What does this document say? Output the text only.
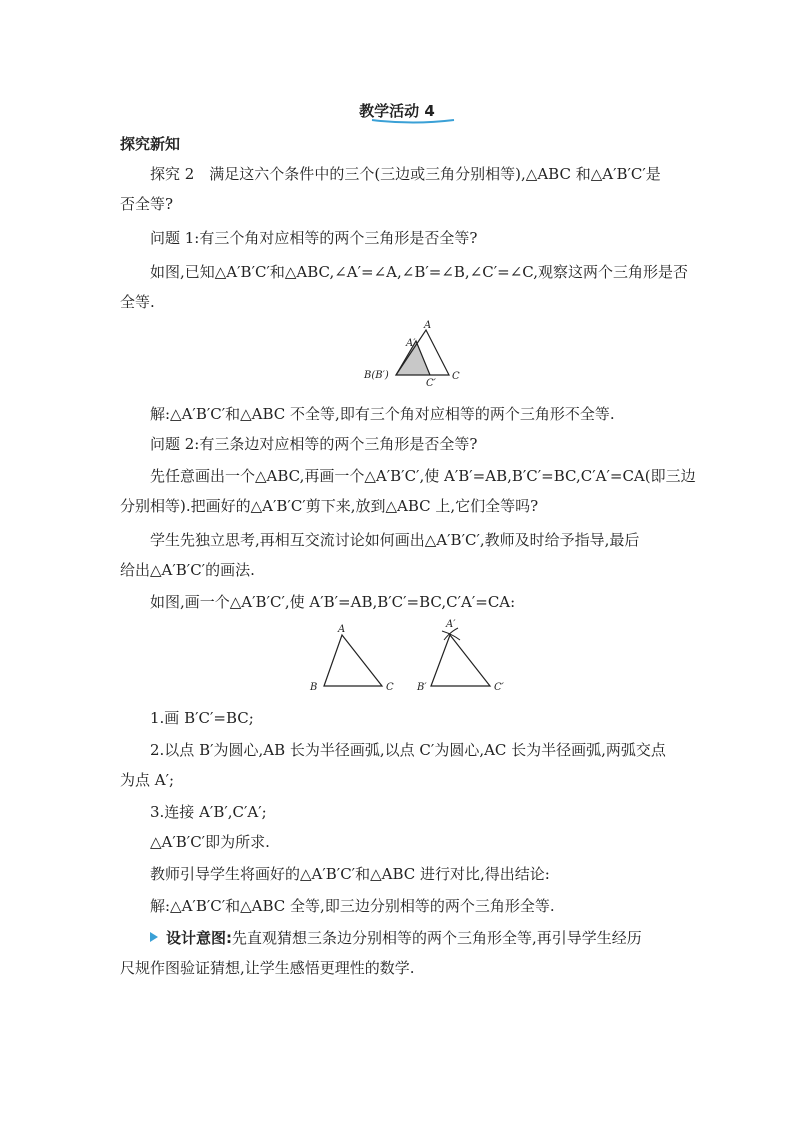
教学活动 4
探究新知
探究 2　满足这六个条件中的三个(三边或三角分别相等),△ABC 和△A′B′C′是
否全等?
问题 1:有三个角对应相等的两个三角形是否全等?
如图,已知△A′B′C′和△ABC,∠A′=∠A,∠B′=∠B,∠C′=∠C,观察这两个三角形是否
全等.
A
A′
B(B′)
C′
C
解:△A′B′C′和△ABC 不全等,即有三个角对应相等的两个三角形不全等.
问题 2:有三条边对应相等的两个三角形是否全等?
先任意画出一个△ABC,再画一个△A′B′C′,使 A′B′=AB,B′C′=BC,C′A′=CA(即三边
分别相等).把画好的△A′B′C′剪下来,放到△ABC 上,它们全等吗?
学生先独立思考,再相互交流讨论如何画出△A′B′C′,教师及时给予指导,最后
给出△A′B′C′的画法.
如图,画一个△A′B′C′,使 A′B′=AB,B′C′=BC,C′A′=CA:
A
B	C
A′
B′	C′
1.画 B′C′=BC;
2.以点 B′为圆心,AB 长为半径画弧,以点 C′为圆心,AC 长为半径画弧,两弧交点
为点 A′;
3.连接 A′B′,C′A′;
△A′B′C′即为所求.
教师引导学生将画好的△A′B′C′和△ABC 进行对比,得出结论:
解:△A′B′C′和△ABC 全等,即三边分别相等的两个三角形全等.
设计意图:先直观猜想三条边分别相等的两个三角形全等,再引导学生经历
尺规作图验证猜想,让学生感悟更理性的数学.
